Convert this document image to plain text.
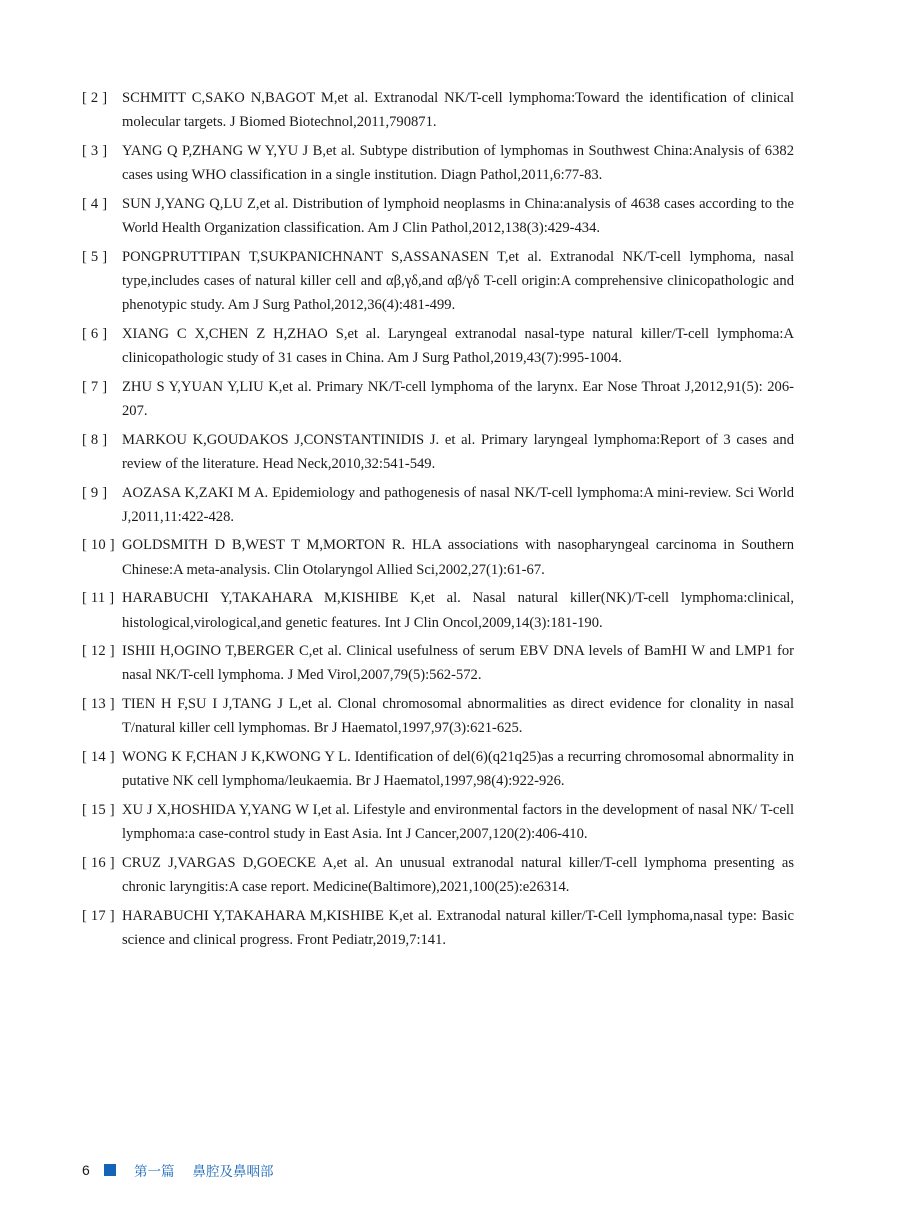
[ 2 ]	SCHMITT C,SAKO N,BAGOT M,et al. Extranodal NK/T-cell lymphoma:Toward the identification of clinical molecular targets. J Biomed Biotechnol,2011,790871.
[ 3 ]	YANG Q P,ZHANG W Y,YU J B,et al. Subtype distribution of lymphomas in Southwest China:Analysis of 6382 cases using WHO classification in a single institution. Diagn Pathol,2011,6:77-83.
[ 4 ]	SUN J,YANG Q,LU Z,et al. Distribution of lymphoid neoplasms in China:analysis of 4638 cases according to the World Health Organization classification. Am J Clin Pathol,2012,138(3):429-434.
[ 5 ]	PONGPRUTTIPAN T,SUKPANICHNANT S,ASSANASEN T,et al. Extranodal NK/T-cell lymphoma, nasal type,includes cases of natural killer cell and αβ,γδ,and αβ/γδ T-cell origin:A comprehensive clinicopathologic and phenotypic study. Am J Surg Pathol,2012,36(4):481-499.
[ 6 ]	XIANG C X,CHEN Z H,ZHAO S,et al. Laryngeal extranodal nasal-type natural killer/T-cell lymphoma:A clinicopathologic study of 31 cases in China. Am J Surg Pathol,2019,43(7):995-1004.
[ 7 ]	ZHU S Y,YUAN Y,LIU K,et al. Primary NK/T-cell lymphoma of the larynx. Ear Nose Throat J,2012,91(5): 206-207.
[ 8 ]	MARKOU K,GOUDAKOS J,CONSTANTINIDIS J. et al. Primary laryngeal lymphoma:Report of 3 cases and review of the literature. Head Neck,2010,32:541-549.
[ 9 ]	AOZASA K,ZAKI M A. Epidemiology and pathogenesis of nasal NK/T-cell lymphoma:A mini-review. Sci World J,2011,11:422-428.
[ 10 ] GOLDSMITH D B,WEST T M,MORTON R. HLA associations with nasopharyngeal carcinoma in Southern Chinese:A meta-analysis. Clin Otolaryngol Allied Sci,2002,27(1):61-67.
[ 11 ] HARABUCHI Y,TAKAHARA M,KISHIBE K,et al. Nasal natural killer(NK)/T-cell lymphoma:clinical, histological,virological,and genetic features. Int J Clin Oncol,2009,14(3):181-190.
[ 12 ] ISHII H,OGINO T,BERGER C,et al. Clinical usefulness of serum EBV DNA levels of BamHI W and LMP1 for nasal NK/T-cell lymphoma. J Med Virol,2007,79(5):562-572.
[ 13 ] TIEN H F,SU I J,TANG J L,et al. Clonal chromosomal abnormalities as direct evidence for clonality in nasal T/natural killer cell lymphomas. Br J Haematol,1997,97(3):621-625.
[ 14 ] WONG K F,CHAN J K,KWONG Y L. Identification of del(6)(q21q25)as a recurring chromosomal abnormality in putative NK cell lymphoma/leukaemia. Br J Haematol,1997,98(4):922-926.
[ 15 ] XU J X,HOSHIDA Y,YANG W I,et al. Lifestyle and environmental factors in the development of nasal NK/ T-cell lymphoma:a case-control study in East Asia. Int J Cancer,2007,120(2):406-410.
[ 16 ] CRUZ J,VARGAS D,GOECKE A,et al. An unusual extranodal natural killer/T-cell lymphoma presenting as chronic laryngitis:A case report. Medicine(Baltimore),2021,100(25):e26314.
[ 17 ] HARABUCHI Y,TAKAHARA M,KISHIBE K,et al. Extranodal natural killer/T-Cell lymphoma,nasal type: Basic science and clinical progress. Front Pediatr,2019,7:141.
6	第一篇 鼻腔及鼻咽部
